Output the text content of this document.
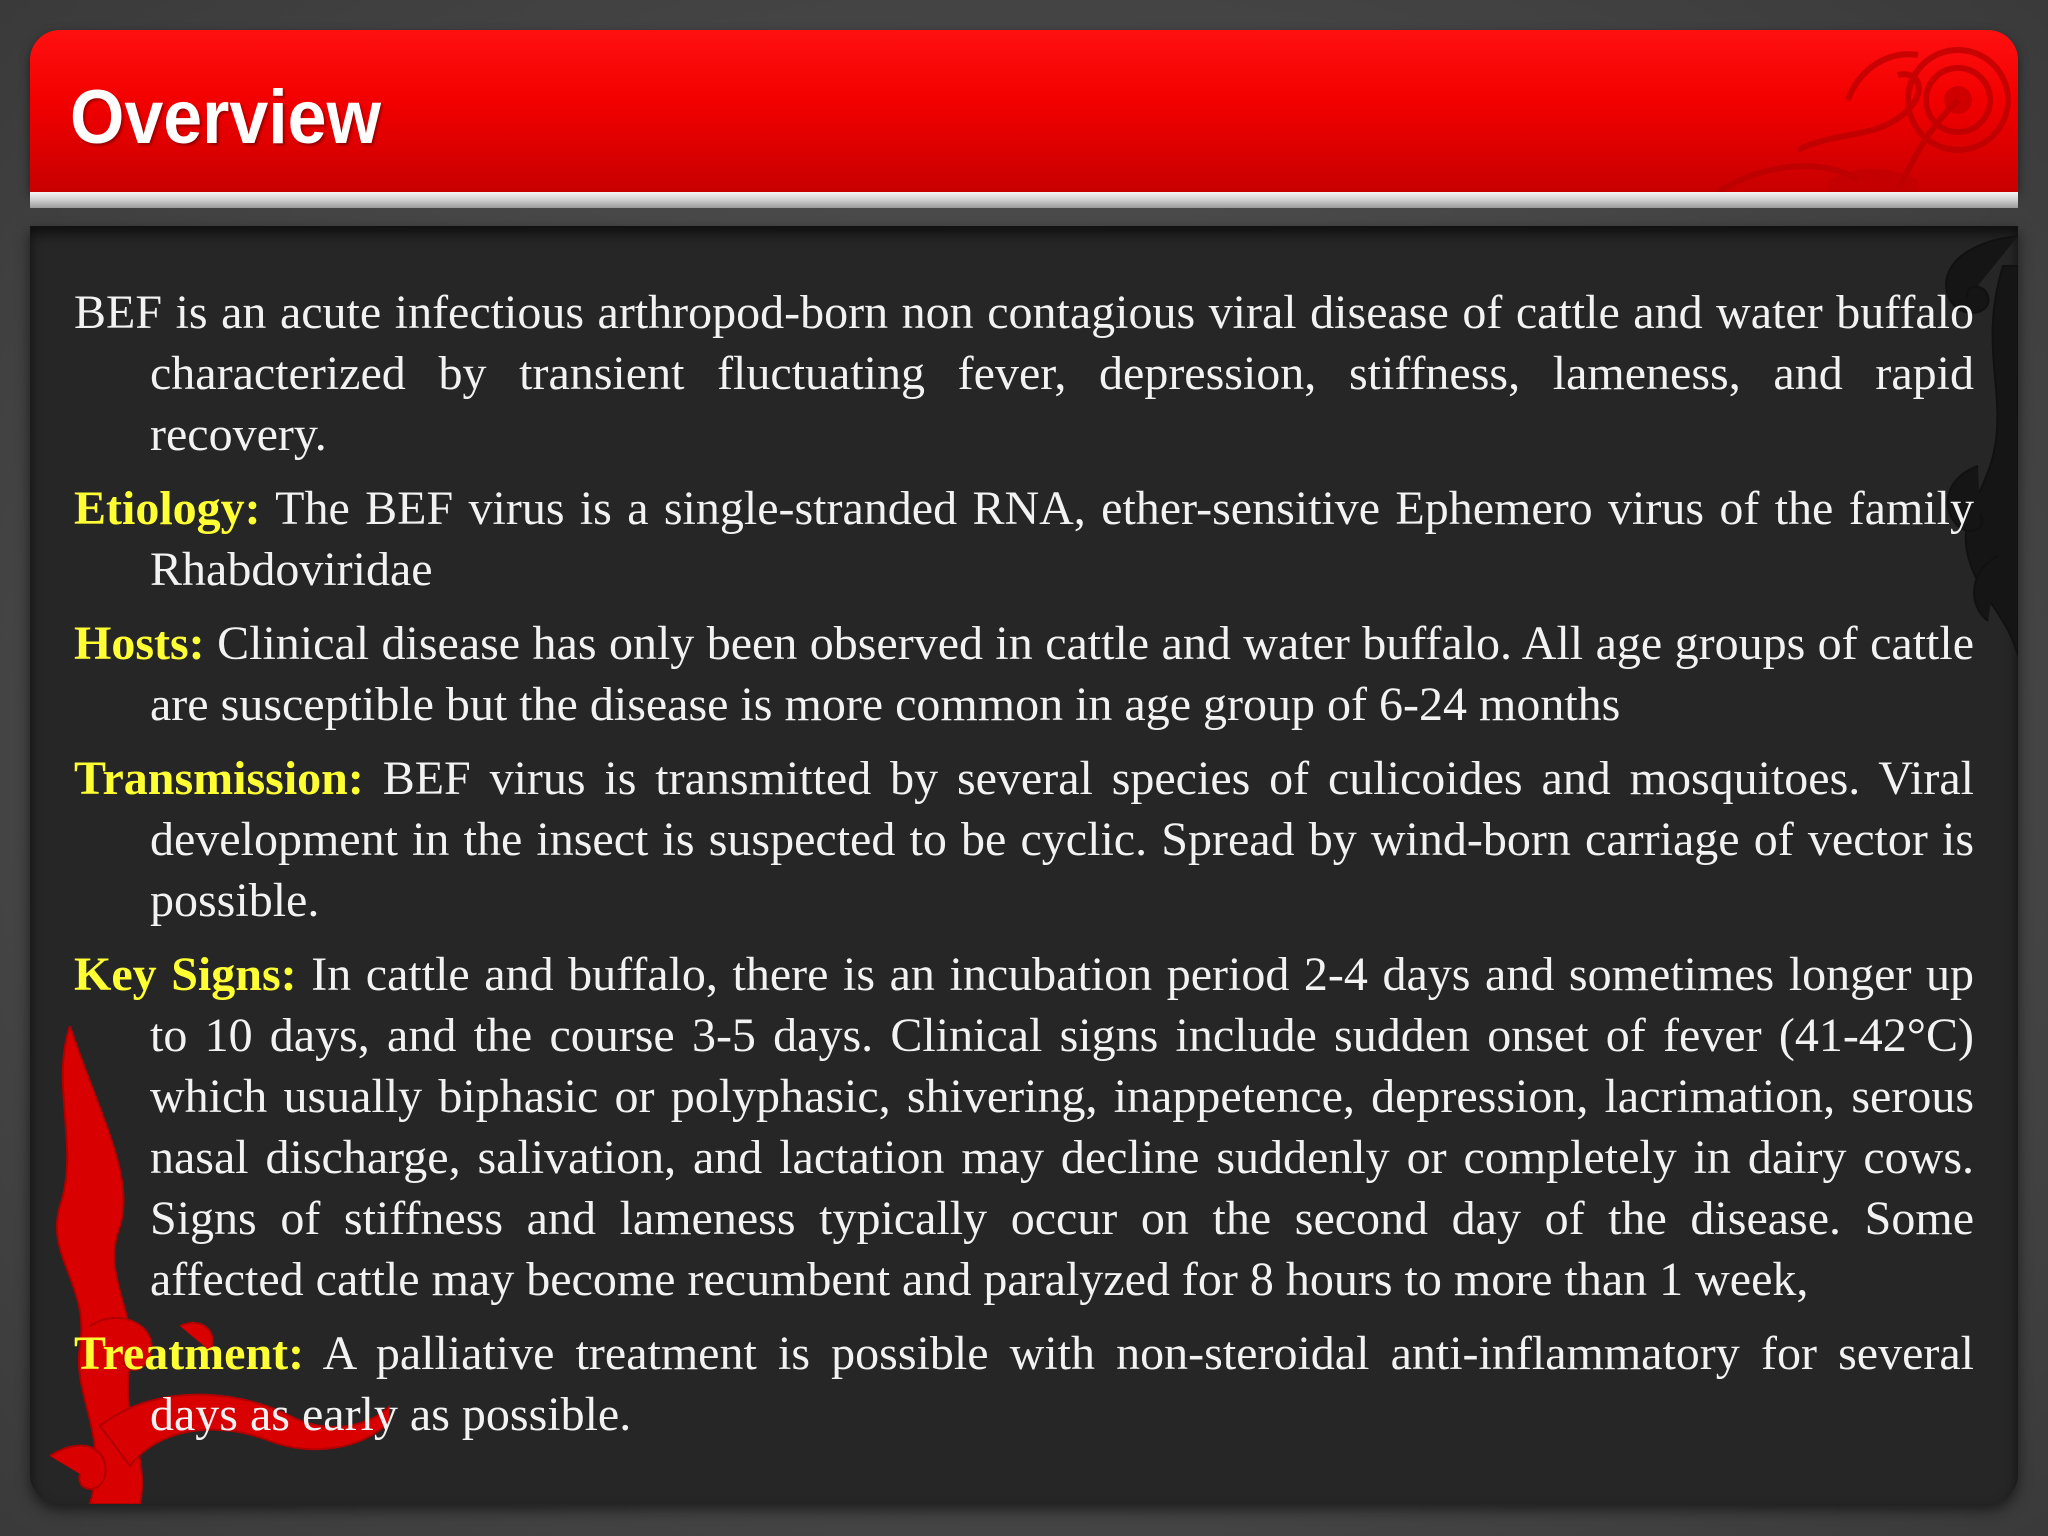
Overview

BEF is an acute infectious arthropod-born non contagious viral disease of cattle and water buffalo characterized by transient fluctuating fever, depression, stiffness, lameness, and rapid recovery.

Etiology: The BEF virus is a single-stranded RNA, ether-sensitive Ephemero virus of the family Rhabdoviridae

Hosts: Clinical disease has only been observed in cattle and water buffalo. All age groups of cattle are susceptible but the disease is more common in age group of 6-24 months

Transmission: BEF virus is transmitted by several species of culicoides and mosquitoes. Viral development in the insect is suspected to be cyclic. Spread by wind-born carriage of vector is possible.

Key Signs: In cattle and buffalo, there is an incubation period 2-4 days and sometimes longer up to 10 days, and the course 3-5 days. Clinical signs include sudden onset of fever (41-42°C) which usually biphasic or polyphasic, shivering, inappetence, depression, lacrimation, serous nasal discharge, salivation, and lactation may decline suddenly or completely in dairy cows. Signs of stiffness and lameness typically occur on the second day of the disease. Some affected cattle may become recumbent and paralyzed for 8 hours to more than 1 week,

Treatment: A palliative treatment is possible with non-steroidal anti-inflammatory for several days as early as possible.
